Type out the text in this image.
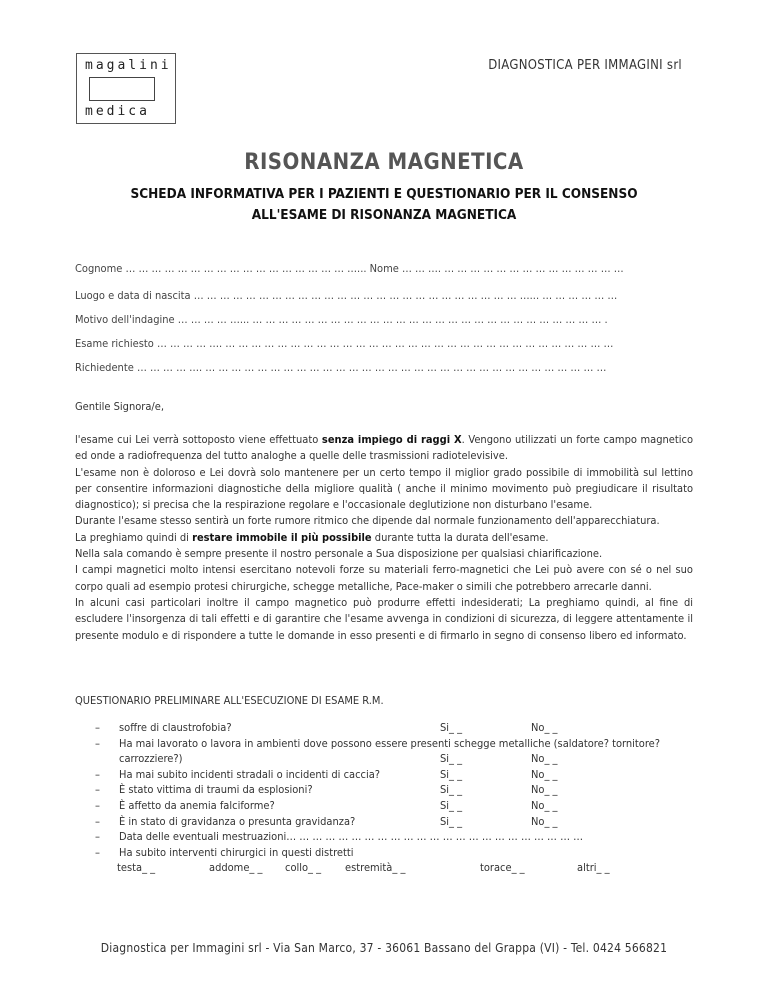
magalini
medica
DIAGNOSTICA PER IMMAGINI srl
RISONANZA MAGNETICA
SCHEDA INFORMATIVA PER I PAZIENTI E QUESTIONARIO PER IL CONSENSO
ALL'ESAME DI RISONANZA MAGNETICA
Cognome … … … … … … … … … … … … … … … … … …... Nome … … …. … … … … … … … … … … … … … …
Luogo e data di nascita … … … … … … … … … … … … … … … … … … … … … … … … … …... … … … … … …
Motivo dell'indagine … … … … …... … … … … … … … … … … … … … … … … … … … … … … … … … … … .
Esame richiesto … … … … …. … … … … … … … … … … … … … … … … … … … … … … … … … … … … … …
Richiedente … … … … …. … … … … … … … … … … … … … … … … … … … … … … … … … … … … … … …
Gentile Signora/e,

l'esame cui Lei verrà sottoposto viene effettuato senza impiego di raggi X. Vengono utilizzati un forte campo magnetico ed onde a radiofrequenza del tutto analoghe a quelle delle trasmissioni radiotelevisive.

L'esame non è doloroso e Lei dovrà solo mantenere per un certo tempo il miglior grado possibile di immobilità sul lettino per consentire informazioni diagnostiche della migliore qualità ( anche il minimo movimento può pregiudicare il risultato diagnostico); si precisa che la respirazione regolare e l'occasionale deglutizione non disturbano l'esame.

Durante l'esame stesso sentirà un forte rumore ritmico che dipende dal normale funzionamento dell'apparecchiatura.

La preghiamo quindi di restare immobile il più possibile durante tutta la durata dell'esame.

Nella sala comando è sempre presente il nostro personale a Sua disposizione per qualsiasi chiarificazione.

I campi magnetici molto intensi esercitano notevoli forze su materiali ferro-magnetici che Lei può avere con sé o nel suo corpo quali ad esempio protesi chirurgiche, schegge metalliche, Pace-maker o simili che potrebbero arrecarle danni.

In alcuni casi particolari inoltre il campo magnetico può produrre effetti indesiderati; La preghiamo quindi, al fine di escludere l'insorgenza di tali effetti e di garantire che l'esame avvenga in condizioni di sicurezza, di leggere attentamente il presente modulo e di rispondere a tutte le domande in esso presenti e di firmarlo in segno di consenso libero ed informato.

QUESTIONARIO PRELIMINARE ALL'ESECUZIONE DI ESAME R.M.
– soffre di claustrofobia?	Si_ _	No_ _
– Ha mai lavorato o lavora in ambienti dove possono essere presenti schegge metalliche (saldatore? tornitore?
carrozziere?)	Si_ _	No_ _
– Ha mai subito incidenti stradali o incidenti di caccia?	Si_ _	No_ _
– È stato vittima di traumi da esplosioni?	Si_ _	No_ _
– È affetto da anemia falciforme?	Si_ _	No_ _
– È in stato di gravidanza o presunta gravidanza?	Si_ _	No_ _
– Data delle eventuali mestruazioni… … … … … … … … … … … … … … … … … … … … … … …
– Ha subito interventi chirurgici in questi distretti
testa_ _	addome_ _ collo_ _ estremità_ _	torace_ _	altri_ _
Diagnostica per Immagini srl - Via San Marco, 37 - 36061 Bassano del Grappa (VI) - Tel. 0424 566821
